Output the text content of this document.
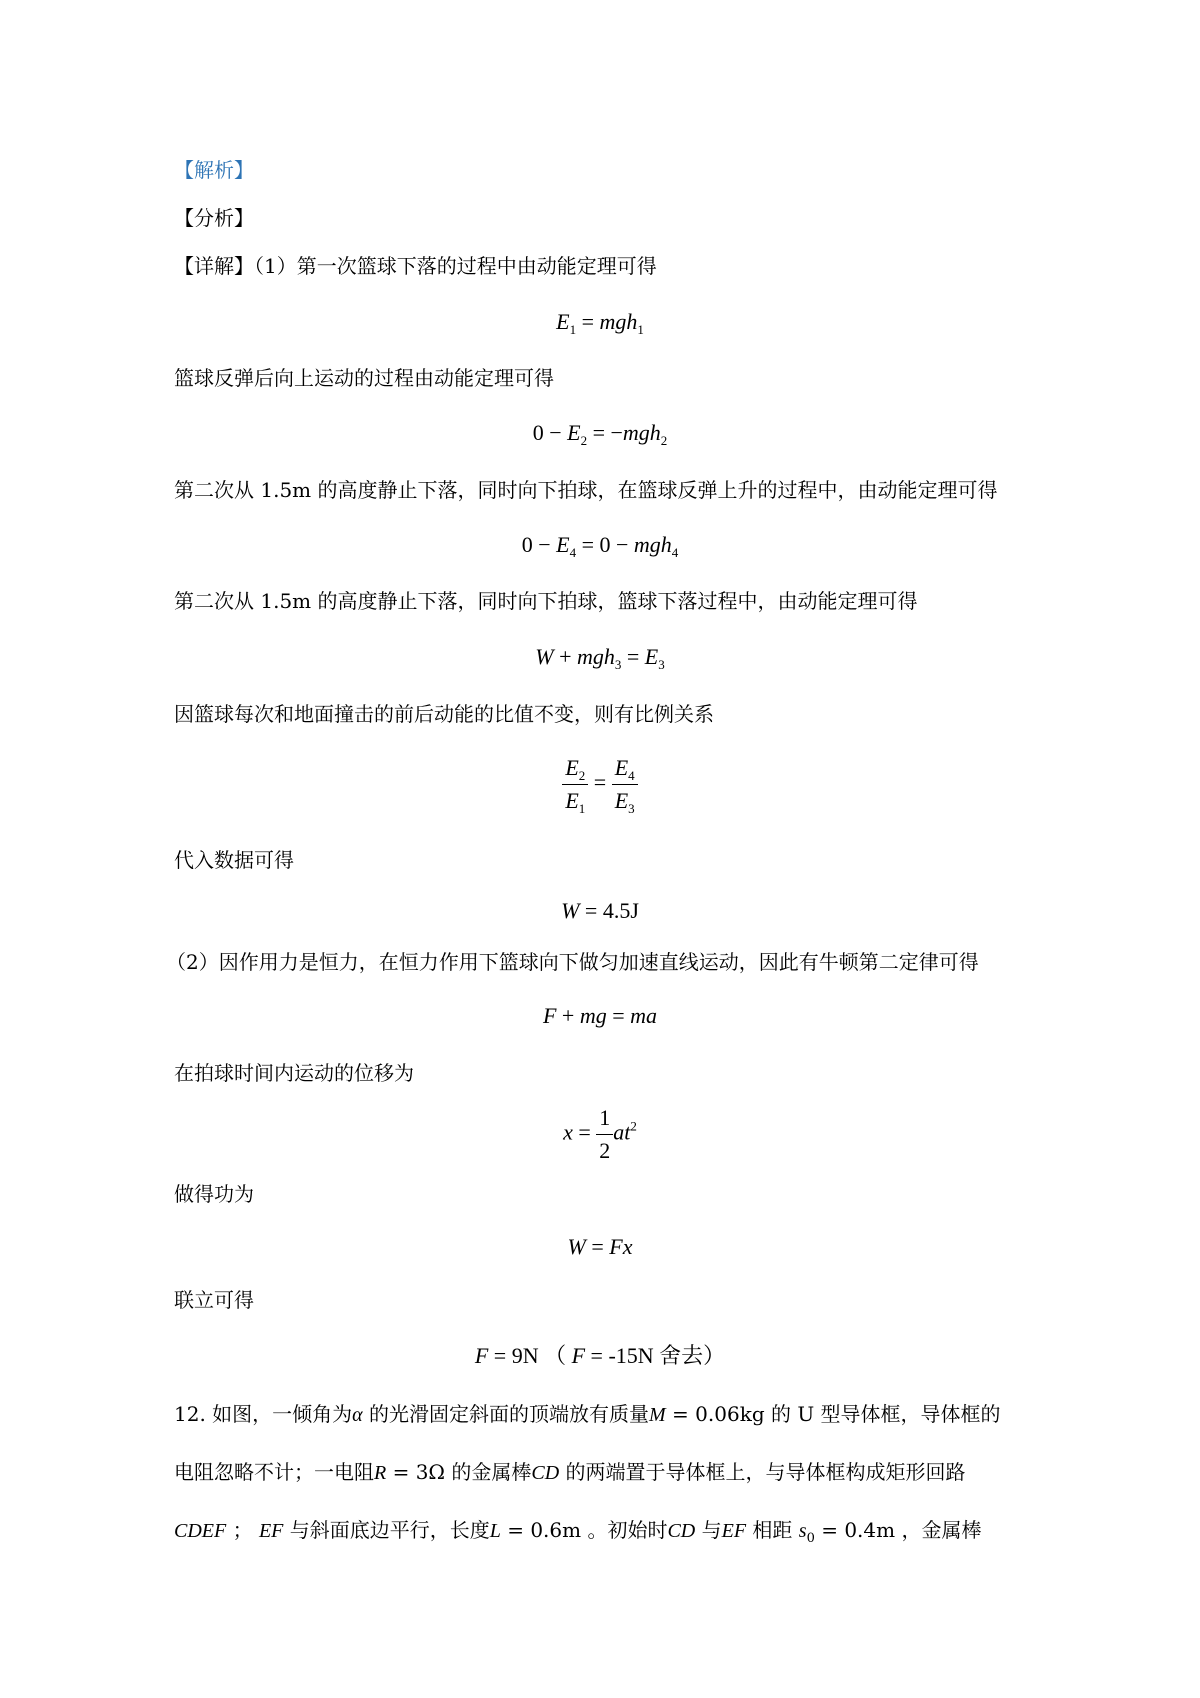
【解析】
【分析】
【详解】（1）第一次篮球下落的过程中由动能定理可得
$E_1 = mgh_1$
篮球反弹后向上运动的过程由动能定理可得
$0 - E_2 = -mgh_2$
第二次从 1.5m 的高度静止下落，同时向下拍球，在篮球反弹上升的过程中，由动能定理可得
$0 - E_4 = 0 - mgh_4$
第二次从 1.5m 的高度静止下落，同时向下拍球，篮球下落过程中，由动能定理可得
$W + mgh_3 = E_3$
因篮球每次和地面撞击的前后动能的比值不变，则有比例关系
$\frac{E_2}{E_1} = \frac{E_4}{E_3}$
代入数据可得
W = 4.5J
（2）因作用力是恒力，在恒力作用下篮球向下做匀加速直线运动，因此有牛顿第二定律可得
F + mg = ma
在拍球时间内运动的位移为
$x = \frac{1}{2} at^2$
做得功为
W = Fx
联立可得
F = 9N （ F = -15N 舍去）
12. 如图，一倾角为α 的光滑固定斜面的顶端放有质量M = 0.06kg 的 U 型导体框，导体框的
电阻忽略不计；一电阻R = 3Ω 的金属棒CD 的两端置于导体框上，与导体框构成矩形回路
CDEF ； EF 与斜面底边平行，长度L = 0.6m 。初始时CD 与EF 相距 $s_0 = 0.4m$ ，金属棒
